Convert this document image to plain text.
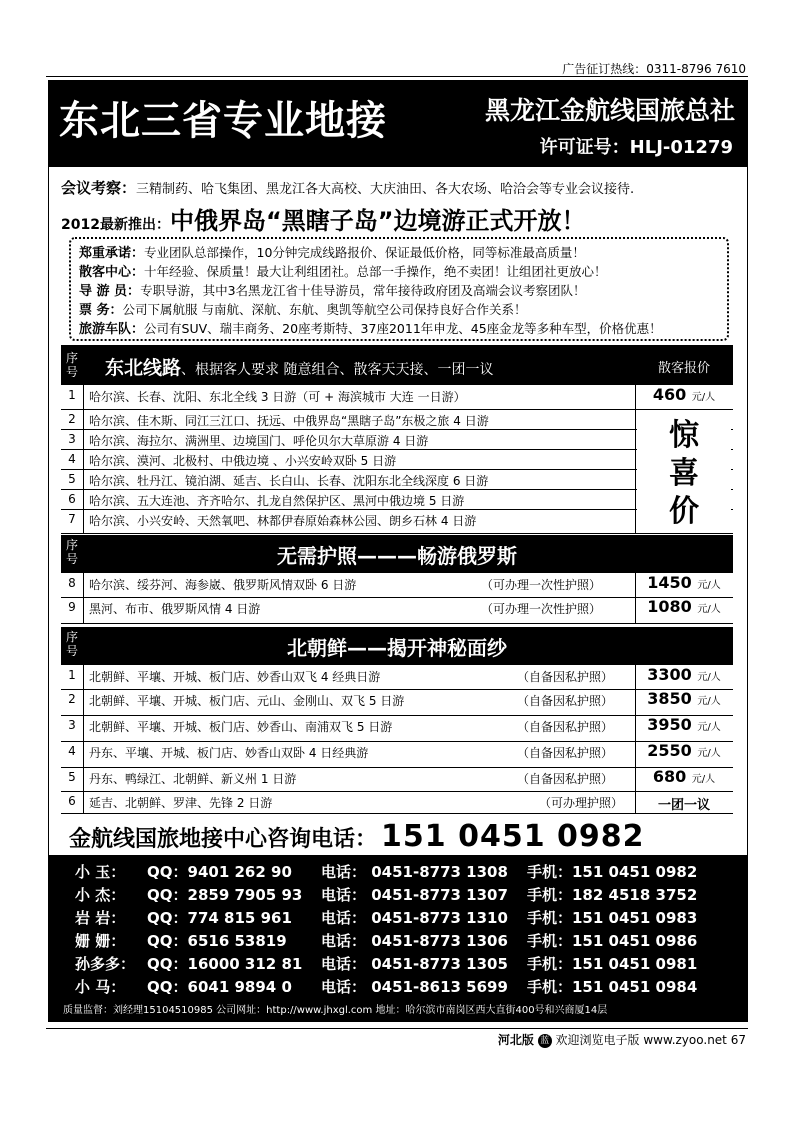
广告征订热线：0311-8796 7610
东北三省专业地接	黑龙江金航线国旅总社
许可证号：HLJ-01279
会议考察：三精制药、哈飞集团、黑龙江各大高校、大庆油田、各大农场、哈洽会等专业会议接待.
2012最新推出：中俄界岛“黑瞎子岛”边境游正式开放！
郑重承诺：专业团队总部操作，10分钟完成线路报价、保证最低价格，同等标准最高质量！
散客中心：十年经验、保质量！最大让利组团社。总部一手操作，绝不卖团！让组团社更放心！
导 游 员：专职导游，其中3名黑龙江省十佳导游员，常年接待政府团及高端会议考察团队！
票 务：公司下属航服 与南航、深航、东航、奥凯等航空公司保持良好合作关系！
旅游车队：公司有SUV、瑞丰商务、20座考斯特、37座2011年申龙、45座金龙等多种车型，价格优惠！
序
号 东北线路、根据客人要求 随意组合、散客天天接、一团一议	散客报价
1	哈尔滨、长春、沈阳、东北全线 3 日游（可 + 海滨城市 大连 一日游）	460 元/人
2	哈尔滨、佳木斯、同江三江口、抚远、中俄界岛“黑瞎子岛”东极之旅 4 日游
3	哈尔滨、海拉尔、满洲里、边境国门、呼伦贝尔大草原游 4 日游
4	哈尔滨、漠河、北极村、中俄边境 、小兴安岭双卧 5 日游
5	哈尔滨、牡丹江、镜泊湖、延吉、长白山、长春、沈阳东北全线深度 6 日游
6	哈尔滨、五大连池、齐齐哈尔、扎龙自然保护区、黑河中俄边境 5 日游
7	哈尔滨、小兴安岭、天然氧吧、林都伊春原始森林公园、朗乡石林 4 日游
惊
喜
价
序
号	无需护照———畅游俄罗斯
8	哈尔滨、绥芬河、海参崴、俄罗斯风情双卧 6 日游	（可办理一次性护照）	1450 元/人
9	黑河、布市、俄罗斯风情 4 日游	（可办理一次性护照）	1080 元/人
序
号	北朝鲜——揭开神秘面纱
1	北朝鲜、平壤、开城、板门店、妙香山双飞 4 经典日游	（自备因私护照）	3300 元/人
2	北朝鲜、平壤、开城、板门店、元山、金刚山、双飞 5 日游	（自备因私护照）	3850 元/人
3	北朝鲜、平壤、开城、板门店、妙香山、南浦双飞 5 日游	（自备因私护照）	3950 元/人
4	丹东、平壤、开城、板门店、妙香山双卧 4 日经典游	（自备因私护照）	2550 元/人
5	丹东、鸭绿江、北朝鲜、新义州 1 日游	（自备因私护照）	680 元/人
6	延吉、北朝鲜、罗津、先锋 2 日游	（可办理护照）	一团一议
金航线国旅地接中心咨询电话： 151 0451 0982
小 玉： QQ：9401 262 90 电话： 0451-8773 1308 手机：151 0451 0982
小 杰： QQ：2859 7905 93 电话： 0451-8773 1307 手机：182 4518 3752
岩 岩： QQ：774 815 961 电话： 0451-8773 1310 手机：151 0451 0983
姗 姗： QQ：6516 53819 电话： 0451-8773 1306 手机：151 0451 0986
孙多多： QQ：16000 312 81 电话： 0451-8773 1305 手机：151 0451 0981
小 马： QQ：6041 9894 0 电话： 0451-8613 5699 手机：151 0451 0984
质量监督：刘经理15104510985 公司网址：http://www.jhxgl.com 地址：哈尔滨市南岗区西大直街400号和兴商厦14层
河北版 蓝 欢迎浏览电子版 www.zyoo.net 67
